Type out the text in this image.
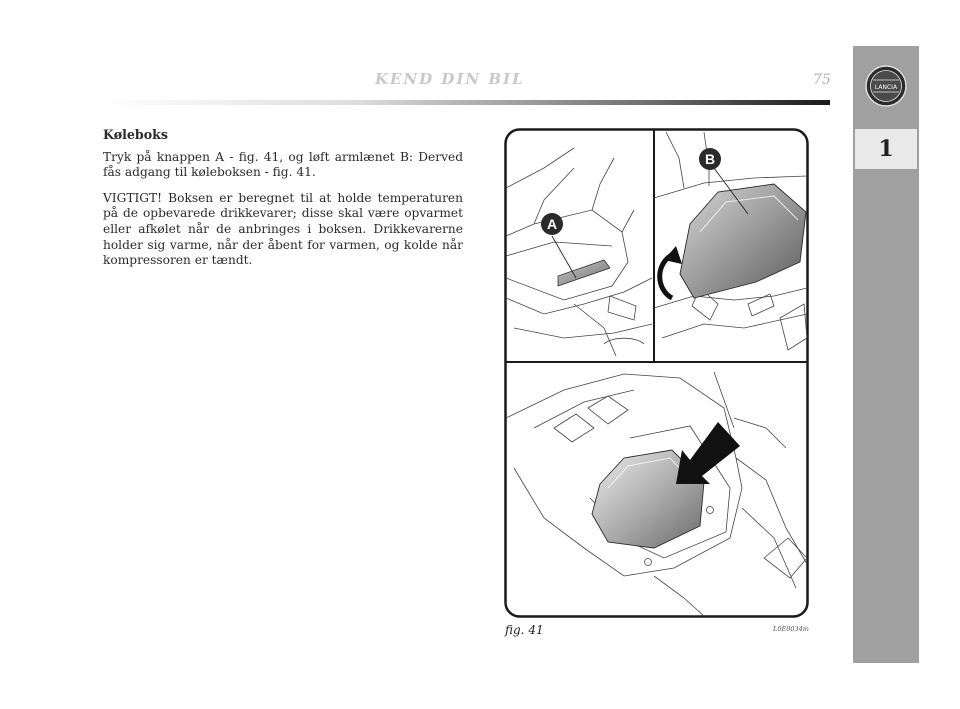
KEND DIN BIL	75	LANCIA
1
Køleboks
Tryk på knappen A - fig. 41, og løft armlænet B: Derved fås adgang til køleboksen - fig. 41.
VIGTIGT! Boksen er beregnet til at holde temperaturen på de opbevarede drikkevarer; disse skal være opvarmet eller afkølet når de anbringes i boksen. Drikkevarerne holder sig varme, når der åbent for varmen, og kolde når kompressoren er tændt.
A
B
fig. 41	L0E0034m
